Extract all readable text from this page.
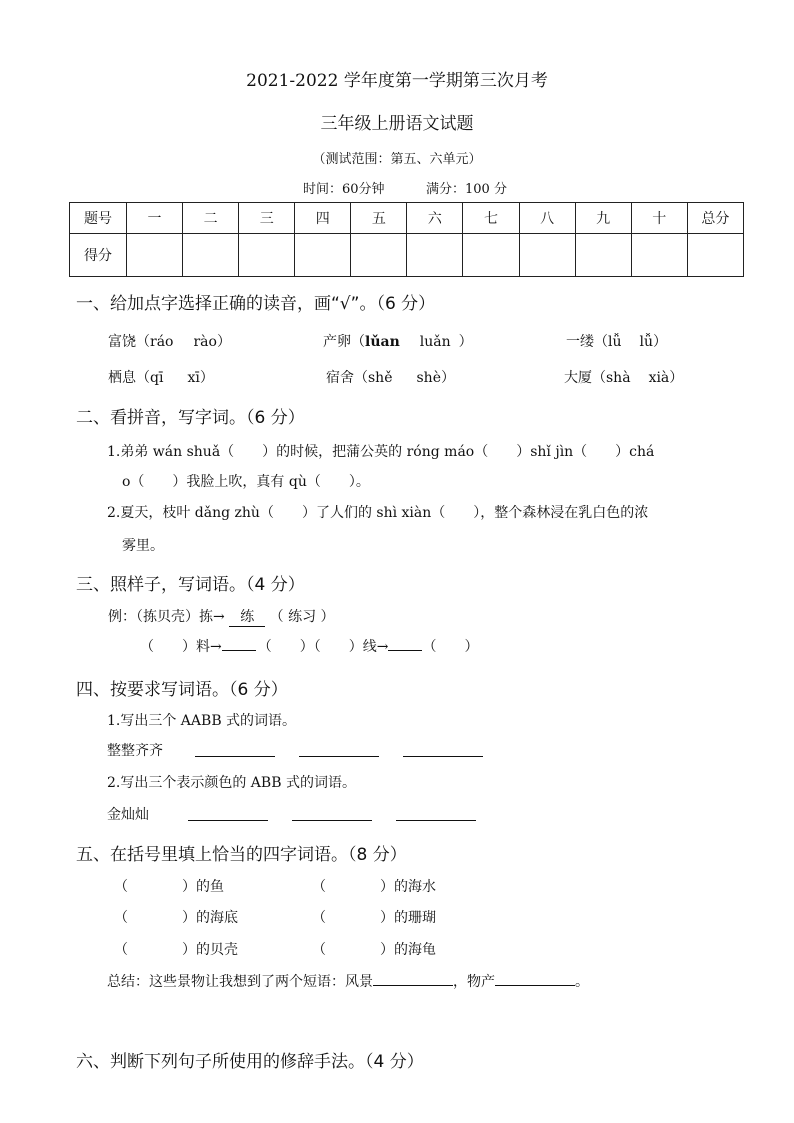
2021-2022 学年度第一学期第三次月考
三年级上册语文试题
（测试范围：第五、六单元）
时间：60分钟	满分：100 分
题号	一	二	三	四	五	六	七	八	九	十	总分
得分											
一、给加点字选择正确的读音，画“√”。（6 分）
富饶（ráo rào）	产卵（lǔan luǎn ）	一缕（lǚ lǚ）
栖息（qī xī）	宿舍（shě shè）	大厦（shà xià）
二、看拼音，写字词。（6 分）
1.弟弟 wán shuǎ（　　）的时候，把蒲公英的 róng máo（　　）shǐ jìn（　　）chá
o（　　）我脸上吹，真有 qù（　　）。
2.夏天，枝叶 dǎng zhù（　　）了人们的 shì xiàn（　　），整个森林浸在乳白色的浓
雾里。
三、照样子，写词语。（4 分）
例：（拣贝壳）拣→ 练 （ 练习 ）
（　　）料→	（　　）（　　）线→ （　　）
四、按要求写词语。（6 分）
1.写出三个 AABB 式的词语。
整整齐齐
2.写出三个表示颜色的 ABB 式的词语。
金灿灿
五、在括号里填上恰当的四字词语。（8 分）
（	）的鱼	（	）的海水
（	）的海底	（	）的珊瑚
（	）的贝壳	（	）的海龟
总结：这些景物让我想到了两个短语：风景	，物产	。
六、判断下列句子所使用的修辞手法。（4 分）
